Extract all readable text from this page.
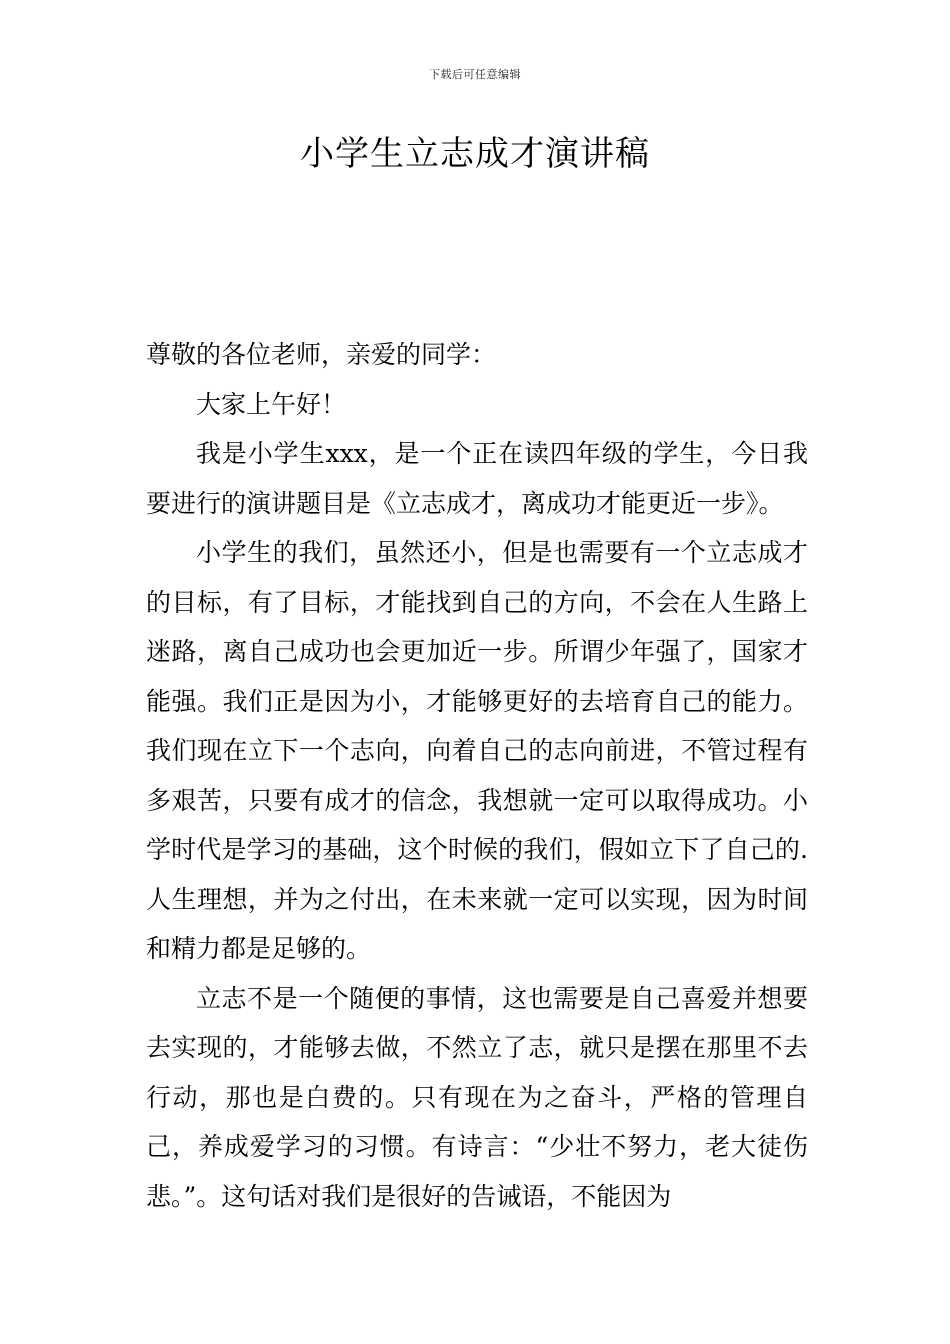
下载后可任意编辑
小学生立志成才演讲稿

尊敬的各位老师，亲爱的同学：

大家上午好！

我是小学生xxx，是一个正在读四年级的学生，今日我要进行的演讲题目是《立志成才，离成功才能更近一步》。

小学生的我们，虽然还小，但是也需要有一个立志成才的目标，有了目标，才能找到自己的方向，不会在人生路上迷路，离自己成功也会更加近一步。所谓少年强了，国家才能强。我们正是因为小，才能够更好的去培育自己的能力。我们现在立下一个志向，向着自己的志向前进，不管过程有多艰苦，只要有成才的信念，我想就一定可以取得成功。小学时代是学习的基础，这个时候的我们，假如立下了自己的.人生理想，并为之付出，在未来就一定可以实现，因为时间和精力都是足够的。

立志不是一个随便的事情，这也需要是自己喜爱并想要去实现的，才能够去做，不然立了志，就只是摆在那里不去行动，那也是白费的。只有现在为之奋斗，严格的管理自己，养成爱学习的习惯。有诗言：“少壮不努力，老大徒伤悲。”。这句话对我们是很好的告诫语，不能因为
